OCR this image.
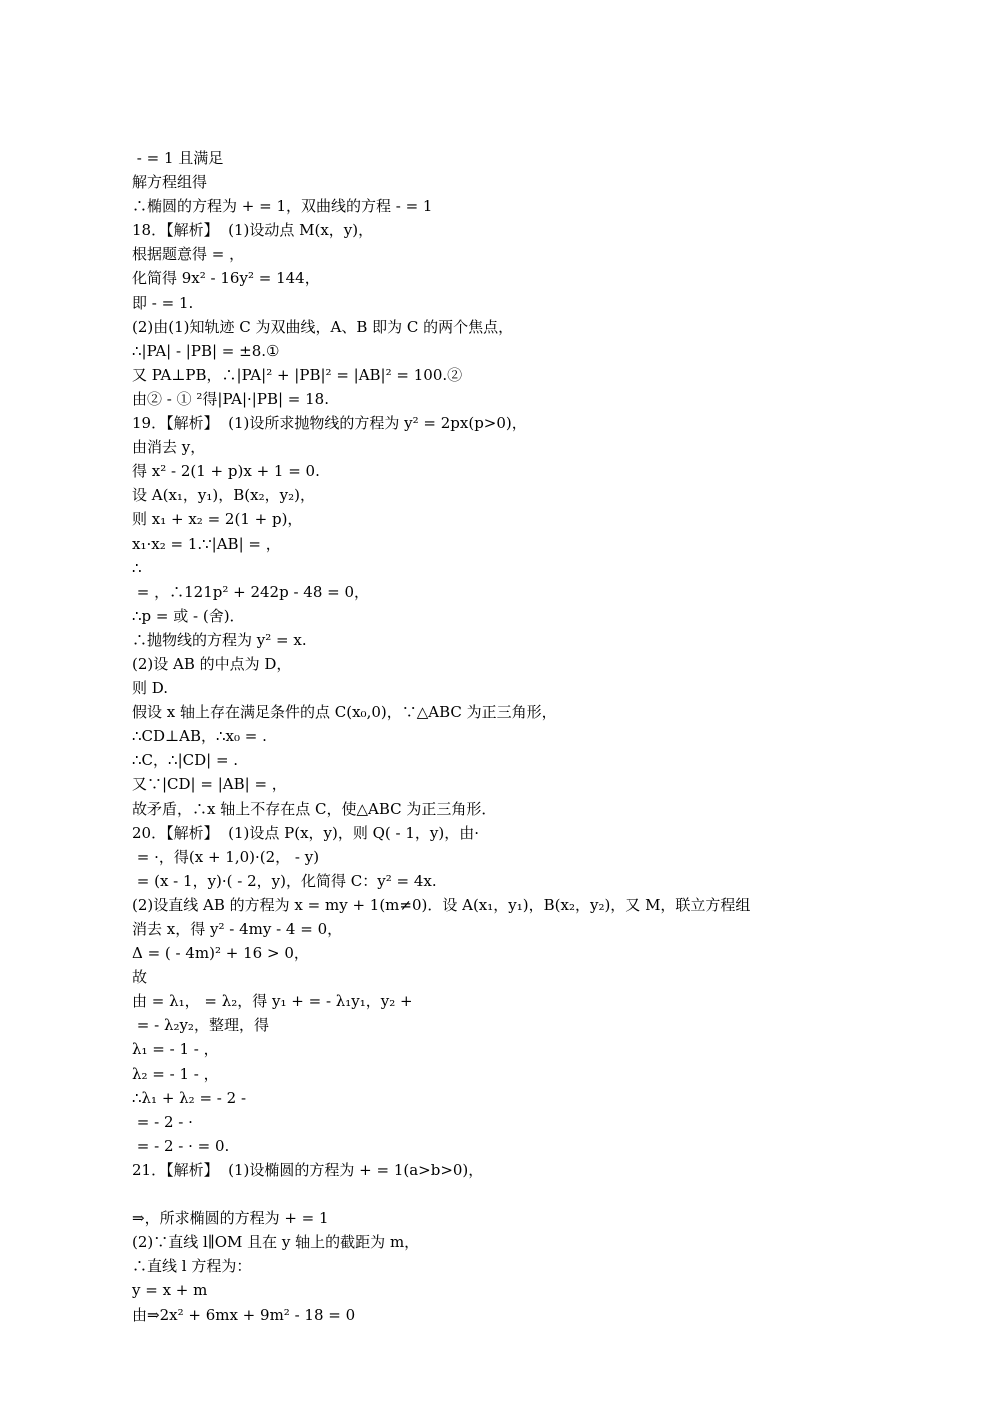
- = 1 且满足
解方程组得
∴椭圆的方程为 + = 1，双曲线的方程 - = 1
18．【解析】  (1)设动点 M(x，y)，
根据题意得 = ，
化简得 9x² - 16y² = 144，
即 - = 1.
(2)由(1)知轨迹 C 为双曲线，A、B 即为 C 的两个焦点，
∴|PA| - |PB| = ±8.①
又 PA⊥PB，∴|PA|² + |PB|² = |AB|² = 100.②
由② - ① ²得|PA|·|PB| = 18.
19．【解析】  (1)设所求抛物线的方程为 y² = 2px(p>0)，
由消去 y，
得 x² - 2(1 + p)x + 1 = 0.
设 A(x₁，y₁)，B(x₂，y₂)，
则 x₁ + x₂ = 2(1 + p)，
x₁·x₂ = 1.∵|AB| = ，
∴
= ，∴121p² + 242p - 48 = 0，
∴p = 或 - (舍)．
∴抛物线的方程为 y² = x.
(2)设 AB 的中点为 D，
则 D.
假设 x 轴上存在满足条件的点 C(x₀,0)，∵△ABC 为正三角形，
∴CD⊥AB，∴x₀ = .
∴C，∴|CD| = .
又∵|CD| = |AB| = ，
故矛盾，∴x 轴上不存在点 C，使△ABC 为正三角形．
20．【解析】  (1)设点 P(x，y)，则 Q( - 1，y)，由·
= ·，得(x + 1,0)·(2， - y)
= (x - 1，y)·( - 2，y)，化简得 C：y² = 4x.
(2)设直线 AB 的方程为 x = my + 1(m≠0)．设 A(x₁，y₁)，B(x₂，y₂)，又 M，联立方程组
消去 x，得 y² - 4my - 4 = 0，
Δ = ( - 4m)² + 16 > 0，
故
由 = λ₁， = λ₂，得 y₁ + = - λ₁y₁，y₂ +
= - λ₂y₂，整理，得
λ₁ = - 1 - ，
λ₂ = - 1 - ，
∴λ₁ + λ₂ = - 2 -
= - 2 - ·
= - 2 - · = 0.
21．【解析】  (1)设椭圆的方程为 + = 1(a>b>0)，
⇒，所求椭圆的方程为 + = 1
(2)∵直线 l∥OM 且在 y 轴上的截距为 m，
∴直线 l 方程为：
y = x + m
由⇒2x² + 6mx + 9m² - 18 = 0
